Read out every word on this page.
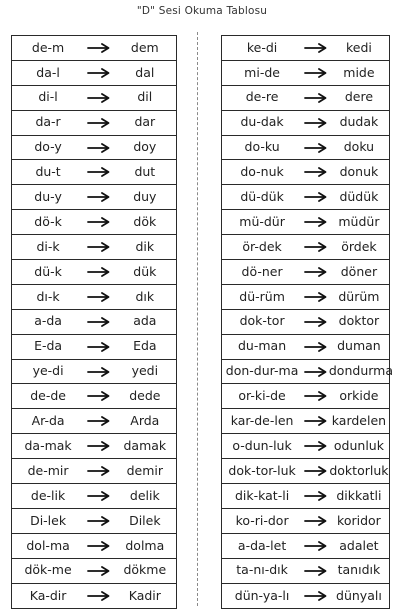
"D" Sesi Okuma Tablosu
de-m	dem
da-l	dal
di-l	dil
da-r	dar
do-y	doy
du-t	dut
du-y	duy
dö-k	dök
di-k	dik
dü-k	dük
dı-k	dık
a-da	ada
E-da	Eda
ye-di	yedi
de-de	dede
Ar-da	Arda
da-mak	damak
de-mir	demir
de-lik	delik
Di-lek	Dilek
dol-ma	dolma
dök-me	dökme
Ka-dir	Kadir
ke-di	kedi
mi-de	mide
de-re	dere
du-dak	dudak
do-ku	doku
do-nuk	donuk
dü-dük	düdük
mü-dür	müdür
ör-dek	ördek
dö-ner	döner
dü-rüm	dürüm
dok-tor	doktor
du-man	duman
don-dur-ma	dondurma
or-ki-de	orkide
kar-de-len	kardelen
o-dun-luk	odunluk
dok-tor-luk	doktorluk
dik-kat-li	dikkatli
ko-ri-dor	koridor
a-da-let	adalet
ta-nı-dık	tanıdık
dün-ya-lı	dünyalı
